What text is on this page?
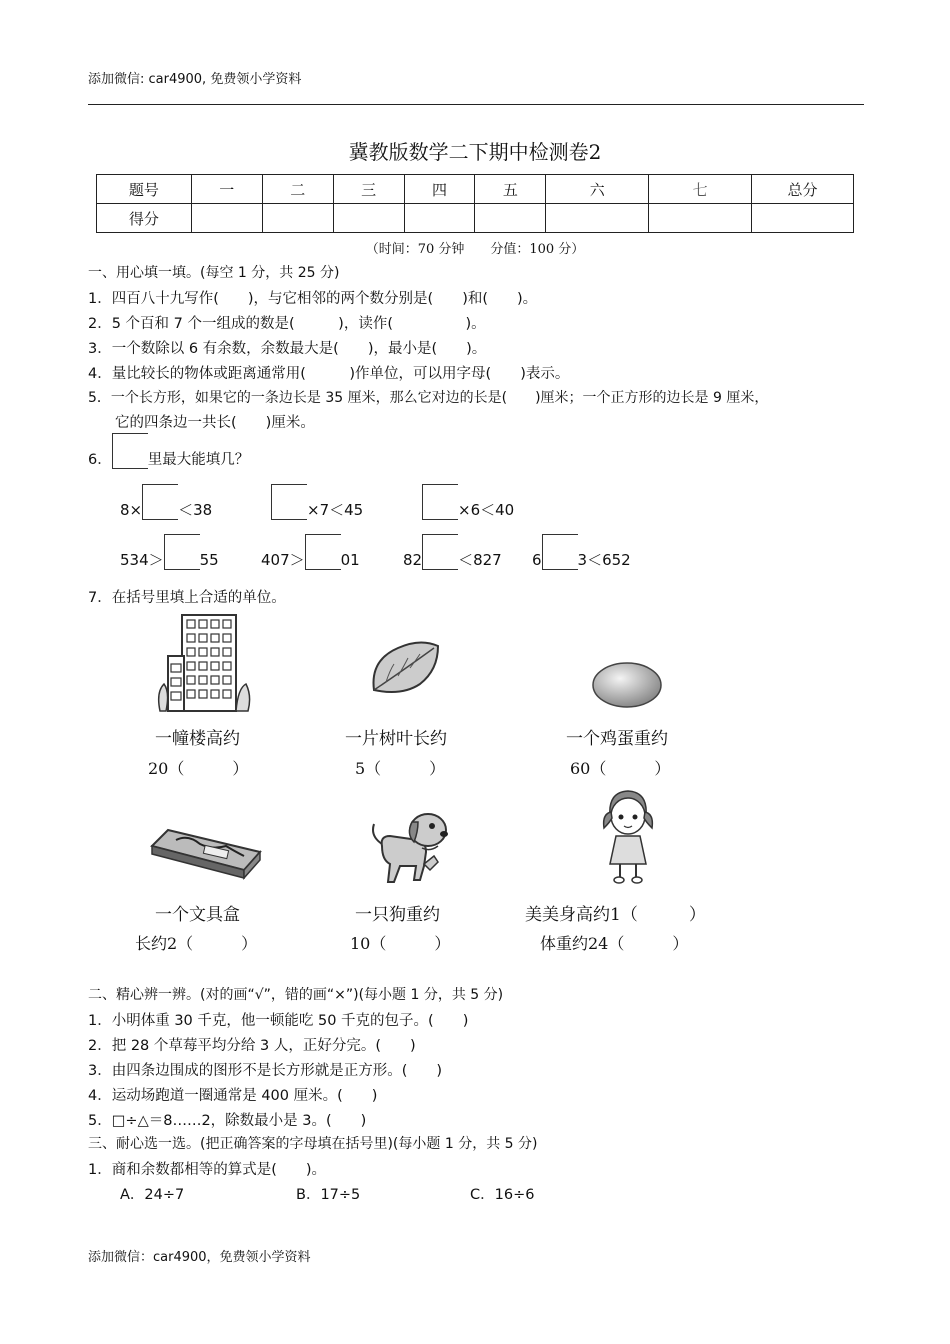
添加微信: car4900, 免费领小学资料
冀教版数学二下期中检测卷2
题号	一	二	三	四	五	六	七	总分
得分								
（时间：70 分钟　　分值：100 分）
一、用心填一填。(每空 1 分，共 25 分)
1．四百八十九写作(　　)，与它相邻的两个数分别是(　　)和(　　)。
2．5 个百和 7 个一组成的数是(　　　)，读作(　　　　　)。
3．一个数除以 6 有余数，余数最大是(　　)，最小是(　　)。
4．量比较长的物体或距离通常用(　　　)作单位，可以用字母(　　)表示。
5．一个长方形，如果它的一条边长是 35 厘米，那么它对边的长是(　　)厘米；一个正方形的边长是 9 厘米，
它的四条边一共长(　　)厘米。
6． 里最大能填几？
8× ＜38	×7＜45	×6＜40
534＞ 55	407＞ 01	82 ＜827 6 3＜652
7．在括号里填上合适的单位。
一幢楼高约
20（　　　）
一片树叶长约
5（　　　）
一个鸡蛋重约
60（　　　）
一个文具盒
长约2（　　　）
一只狗重约
10（　　　）
美美身高约1（　　　）
体重约24（　　　）
二、精心辨一辨。(对的画“√”，错的画“×”)(每小题 1 分，共 5 分)
1．小明体重 30 千克，他一顿能吃 50 千克的包子。(　　)
2．把 28 个草莓平均分给 3 人，正好分完。(　　)
3．由四条边围成的图形不是长方形就是正方形。(　　)
4．运动场跑道一圈通常是 400 厘米。(　　)
5．□÷△＝8……2，除数最小是 3。(　　)
三、耐心选一选。(把正确答案的字母填在括号里)(每小题 1 分，共 5 分)
1．商和余数都相等的算式是(　　)。
A．24÷7	B．17÷5	C．16÷6
添加微信：car4900，免费领小学资料
